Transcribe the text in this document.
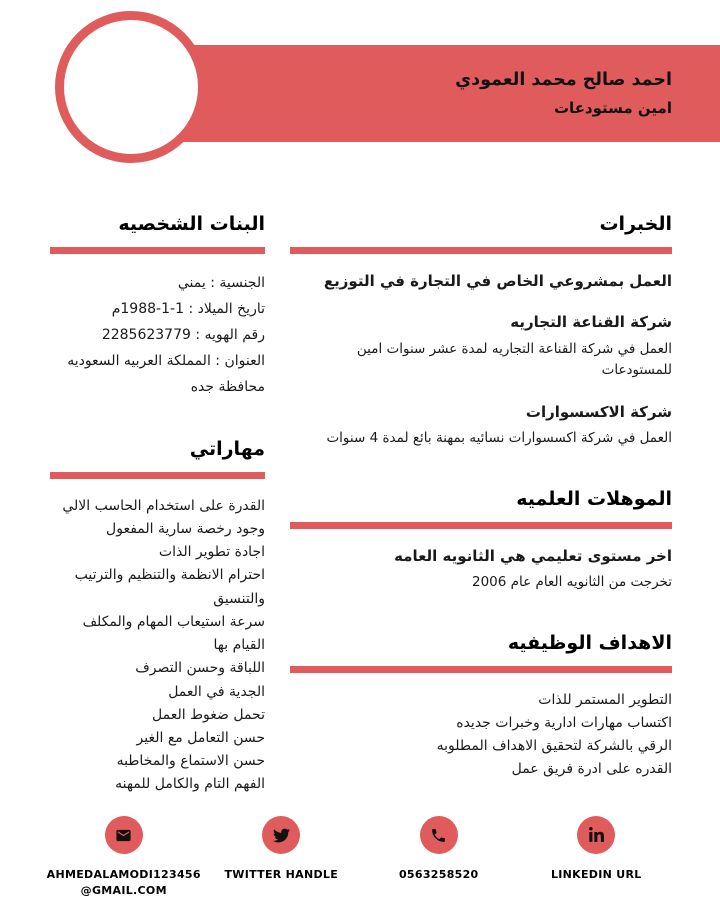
احمد صالح محمد العمودي
امين مستودعات
الخبرات
العمل بمشروعي الخاص في التجارة في التوزيع
شركة القناعة التجاريه
العمل في شركة القناعة التجاريه لمدة عشر سنوات امين للمستودعات
شركة الاكسسوارات
العمل في شركة اكسسوارات نسائيه بمهنة بائع لمدة 4 سنوات
الموهلات العلميه
اخر مستوى تعليمي هي الثانويه العامه
تخرجت من الثانويه العام عام 2006
الاهداف الوظيفيه
التطوير المستمر للذات
اكتساب مهارات ادارية وخبرات جديده
الرقي بالشركة لتحقيق الاهداف المطلوبه
القدره على ادرة فريق عمل
البنات الشخصيه
الجنسية : يمني
تاريخ الميلاد : 1-1-1988م
رقم الهويه : 2285623779
العنوان : المملكة العربيه السعوديه محافظة جده
مهاراتي
القدرة على استخدام الحاسب الالي
وجود رخصة سارية المفعول
اجادة تطوير الذات
احترام الانظمة والتنظيم والترتيب والتنسيق
سرعة استيعاب المهام والمكلف القيام بها
اللباقة وحسن التصرف
الجدية في العمل
تحمل ضغوط العمل
حسن التعامل مع الغير
حسن الاستماع والمخاطبه
الفهم التام والكامل للمهنه
AHMEDALAMODI123456@GMAIL.COM
TWITTER HANDLE	0563258520	LINKEDIN URL
